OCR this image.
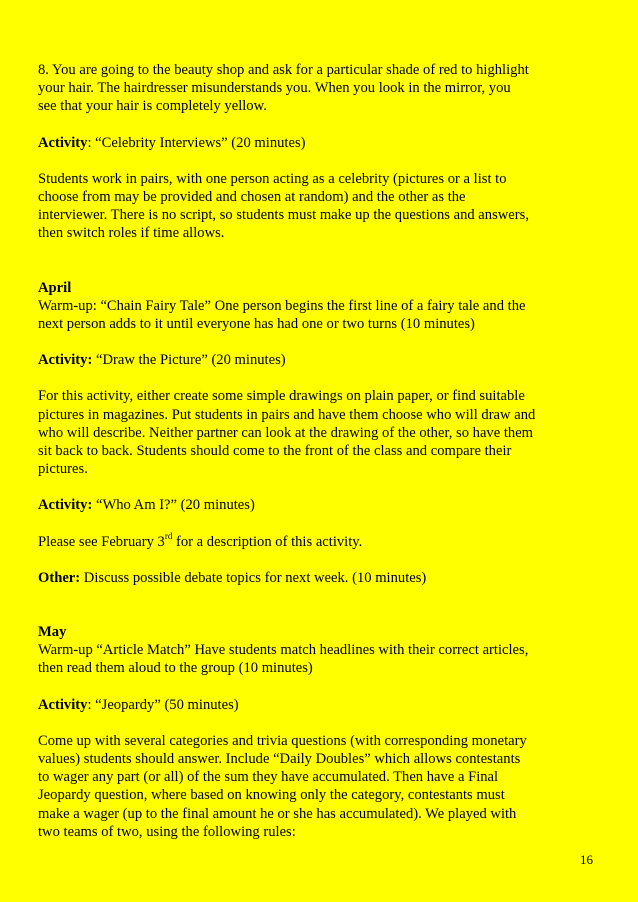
8. You are going to the beauty shop and ask for a particular shade of red to highlight
your hair. The hairdresser misunderstands you. When you look in the mirror, you
see that your hair is completely yellow.
Activity: “Celebrity Interviews” (20 minutes)
Students work in pairs, with one person acting as a celebrity (pictures or a list to
choose from may be provided and chosen at random) and the other as the
interviewer. There is no script, so students must make up the questions and answers,
then switch roles if time allows.
April
Warm-up: “Chain Fairy Tale” One person begins the first line of a fairy tale and the
next person adds to it until everyone has had one or two turns (10 minutes)
Activity: “Draw the Picture” (20 minutes)
For this activity, either create some simple drawings on plain paper, or find suitable
pictures in magazines. Put students in pairs and have them choose who will draw and
who will describe. Neither partner can look at the drawing of the other, so have them
sit back to back. Students should come to the front of the class and compare their
pictures.
Activity: “Who Am I?” (20 minutes)
Please see February 3rd for a description of this activity.
Other: Discuss possible debate topics for next week. (10 minutes)
May
Warm-up “Article Match” Have students match headlines with their correct articles,
then read them aloud to the group (10 minutes)
Activity: “Jeopardy” (50 minutes)
Come up with several categories and trivia questions (with corresponding monetary
values) students should answer. Include “Daily Doubles” which allows contestants
to wager any part (or all) of the sum they have accumulated. Then have a Final
Jeopardy question, where based on knowing only the category, contestants must
make a wager (up to the final amount he or she has accumulated). We played with
two teams of two, using the following rules:
16
